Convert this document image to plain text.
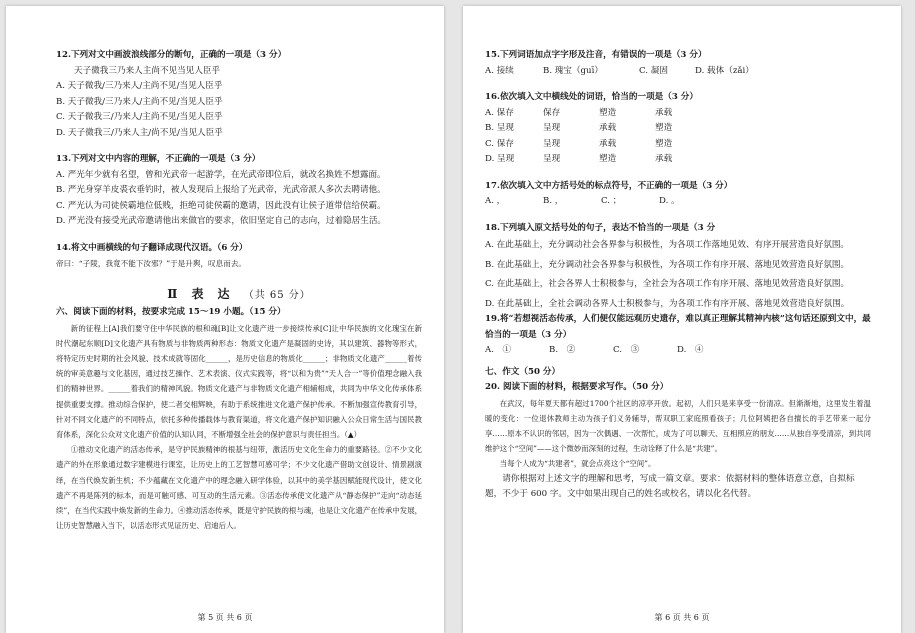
12.下列对文中画波浪线部分的断句，正确的一项是（3 分）
天子微我三乃来人主尚不见当见人臣乎
A. 天子微我/三乃来人/主尚不见/当见人臣乎
B. 天子微我/三乃来人/主尚不见/当见人臣乎
C. 天子微我三/乃来人/主尚不见/当见人臣乎
D. 天子微我三/乃来人主/尚不见/当见人臣乎
13.下列对文中内容的理解，不正确的一项是（3 分）
A. 严光年少就有名望，曾和光武帝一起游学，在光武帝即位后，就改名换姓不想露面。
B. 严光身穿羊皮裘衣垂钓时，被人发现后上报给了光武帝，光武帝派人多次去聘请他。
C. 严光认为司徒侯霸地位低贱，拒绝司徒侯霸的邀请，因此没有让侯子道带信给侯霸。
D. 严光没有接受光武帝邀请他出来做官的要求，依旧坚定自己的志向，过着隐居生活。
14.将文中画横线的句子翻译成现代汉语。（6 分）
帝曰：“子陵，我竟不能下汝邪？”于是升舆，叹息而去。
Ⅱ 表　达 （共 65 分）
六、阅读下面的材料，按要求完成 15～19 小题。（15 分）
新的征程上[A]我们要守住中华民族的根和魂[B]让文化遗产进一步接续传承[C]让中华民族的文化瑰宝在新时代潮起东顺[D]文化遗产具有物质与非物质两种形态：物质文化遗产是凝固的史诗，其以建筑、器物等形式，将特定历史时期的社会风貌、技术成就等固化______，是历史信息的物质化______；非物质文化遗产______着传统的审美意趣与文化基因，通过技艺操作、艺术表演、仪式实践等，将“以和为贵”“天人合一”等价值理念融入我们的精神世界。______着我们的精神风貌。物质文化遗产与非物质文化遗产相辅相成，共同为中华文化传承体系提供重要支撑。推动综合保护，使二者交相辉映，有助于系统推进文化遗产保护传承。不断加强宣传教育引导，针对不同文化遗产的不同特点，依托多种传播载体与教育渠道，将文化遗产保护知识融入公众日常生活与国民教育体系，深化公众对文化遗产价值的认知认同，不断增强全社会的保护意识与责任担当。（▲）
①推动文化遗产的活态传承，是守护民族精神的根基与纽带，激活历史文化生命力的重要路径。②不少文化遗产的外在形象通过数字建模进行课室，让历史上的工艺智慧可感可学；不少文化遗产借助文创设计、情景剧演绎，在当代焕发新生机；不少蕴藏在文化遗产中的理念融入研学体验，以其中的美学基因赋能现代设计，使文化遗产不再是陈列的标本，而是可触可感、可互动的生活元素。③活态传承使文化遗产从“静态保护”走向“动态延续”，在当代实践中焕发新的生命力。④推动活态传承，既是守护民族的根与魂，也是让文化遗产在传承中发展，让历史智慧融入当下，以活态形式见证历史、启迪后人。
第 5 页 共 6 页
15.下列词语加点字字形及注音，有错误的一项是（3 分）
A. 接续	B. 瑰宝（guī）	C. 凝固	D. 载体（zǎi）
16.依次填入文中横线处的词语，恰当的一项是（3 分）
A. 保存	保存	塑造	承载
B. 呈现	呈现	承载	塑造
C. 保存	呈现	承载	塑造
D. 呈现	呈现	塑造	承载
17.依次填入文中方括号处的标点符号，不正确的一项是（3 分）
A. ，	B. ，	C. ；	D. 。
18.下列填入原文括号处的句子，表达不恰当的一项是（3 分
A. 在此基础上，充分调动社会各界参与积极性，为各项工作落地见效、有序开展营造良好氛围。
B. 在此基础上，充分调动社会各界参与积极性，为各项工作有序开展、落地见效营造良好氛围。
C. 在此基础上，社会各界人士积极参与，全社会为各项工作有序开展、落地见效营造良好氛围。
D. 在此基础上，全社会调动各界人士积极参与，为各项工作有序开展、落地见效营造良好氛围。
19.将“若想视活态传承，人们便仅能远观历史遗存，难以真正理解其精神内核”这句话还原到文中，最恰当的一项是（3 分）
A.　①	B.　②	C.　③	D.　④
七、作文（50 分）
20. 阅读下面的材料，根据要求写作。（50 分）
在武汉，每年夏天都有超过1700个社区的凉亭开放。起初，人们只是来享受一份清凉。但渐渐地，这里发生着温暖的变化：一位退休教师主动为孩子们义务辅导，帮双职工家庭照看孩子；几位阿姨把各自擅长的手艺带来一起分享……原本不认识的邻居，因为一次偶遇、一次帮忙，成为了可以聊天、互相照应的朋友……从独自享受清凉，到共同维护这个“空间”——这个微妙而深刻的过程，生动诠释了什么是“共建”。
当每个人成为“共建者”，就会点亮这个“空间”。
请你根据对上述文字的理解和思考，写成一篇文章。要求：依据材料的整体语意立意，自拟标题，不少于 600 字。文中如果出现自己的姓名或校名，请以化名代替。
第 6 页 共 6 页
